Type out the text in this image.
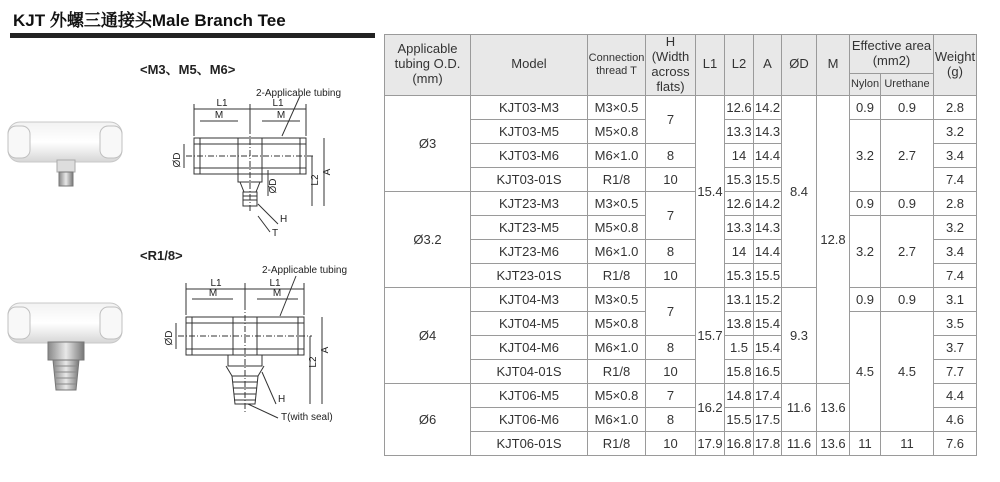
KJT 外螺三通接头Male Branch Tee
<M3、M5、M6>
<R1/8>
L1	L1
M	M
2-Applicable tubing
ØD
ØD	L2
A
H
T
L1	L1
M	M
2-Applicable tubing
ØD
L2
A
H
T(with seal)
Applicable tubing O.D. (mm)	Model	Connection thread T	H (Width across flats)	L1	L2	A	ØD	M	Effective area (mm2)		Weight (g)
									Nylon	Urethane	
Ø3	KJT03-M3	M3×0.5	7	15.4	12.6	14.2	8.4	12.8	0.9	0.9	2.8
	KJT03-M5	M5×0.8			13.3	14.3			3.2	2.7	3.2
	KJT03-M6	M6×1.0	8		14	14.4					3.4
	KJT03-01S	R1/8	10		15.3	15.5					7.4
Ø3.2	KJT23-M3	M3×0.5	7		12.6	14.2			0.9	0.9	2.8
	KJT23-M5	M5×0.8			13.3	14.3			3.2	2.7	3.2
	KJT23-M6	M6×1.0	8		14	14.4					3.4
	KJT23-01S	R1/8	10		15.3	15.5					7.4
Ø4	KJT04-M3	M3×0.5	7	15.7	13.1	15.2	9.3		0.9	0.9	3.1
	KJT04-M5	M5×0.8			13.8	15.4			4.5	4.5	3.5
	KJT04-M6	M6×1.0	8		1.5	15.4					3.7
	KJT04-01S	R1/8	10		15.8	16.5					7.7
Ø6	KJT06-M5	M5×0.8	7	16.2	14.8	17.4	11.6	13.6			4.4
	KJT06-M6	M6×1.0	8		15.5	17.5					4.6
	KJT06-01S	R1/8	10	17.9	16.8	17.8	11.6	13.6	11	11	7.6
